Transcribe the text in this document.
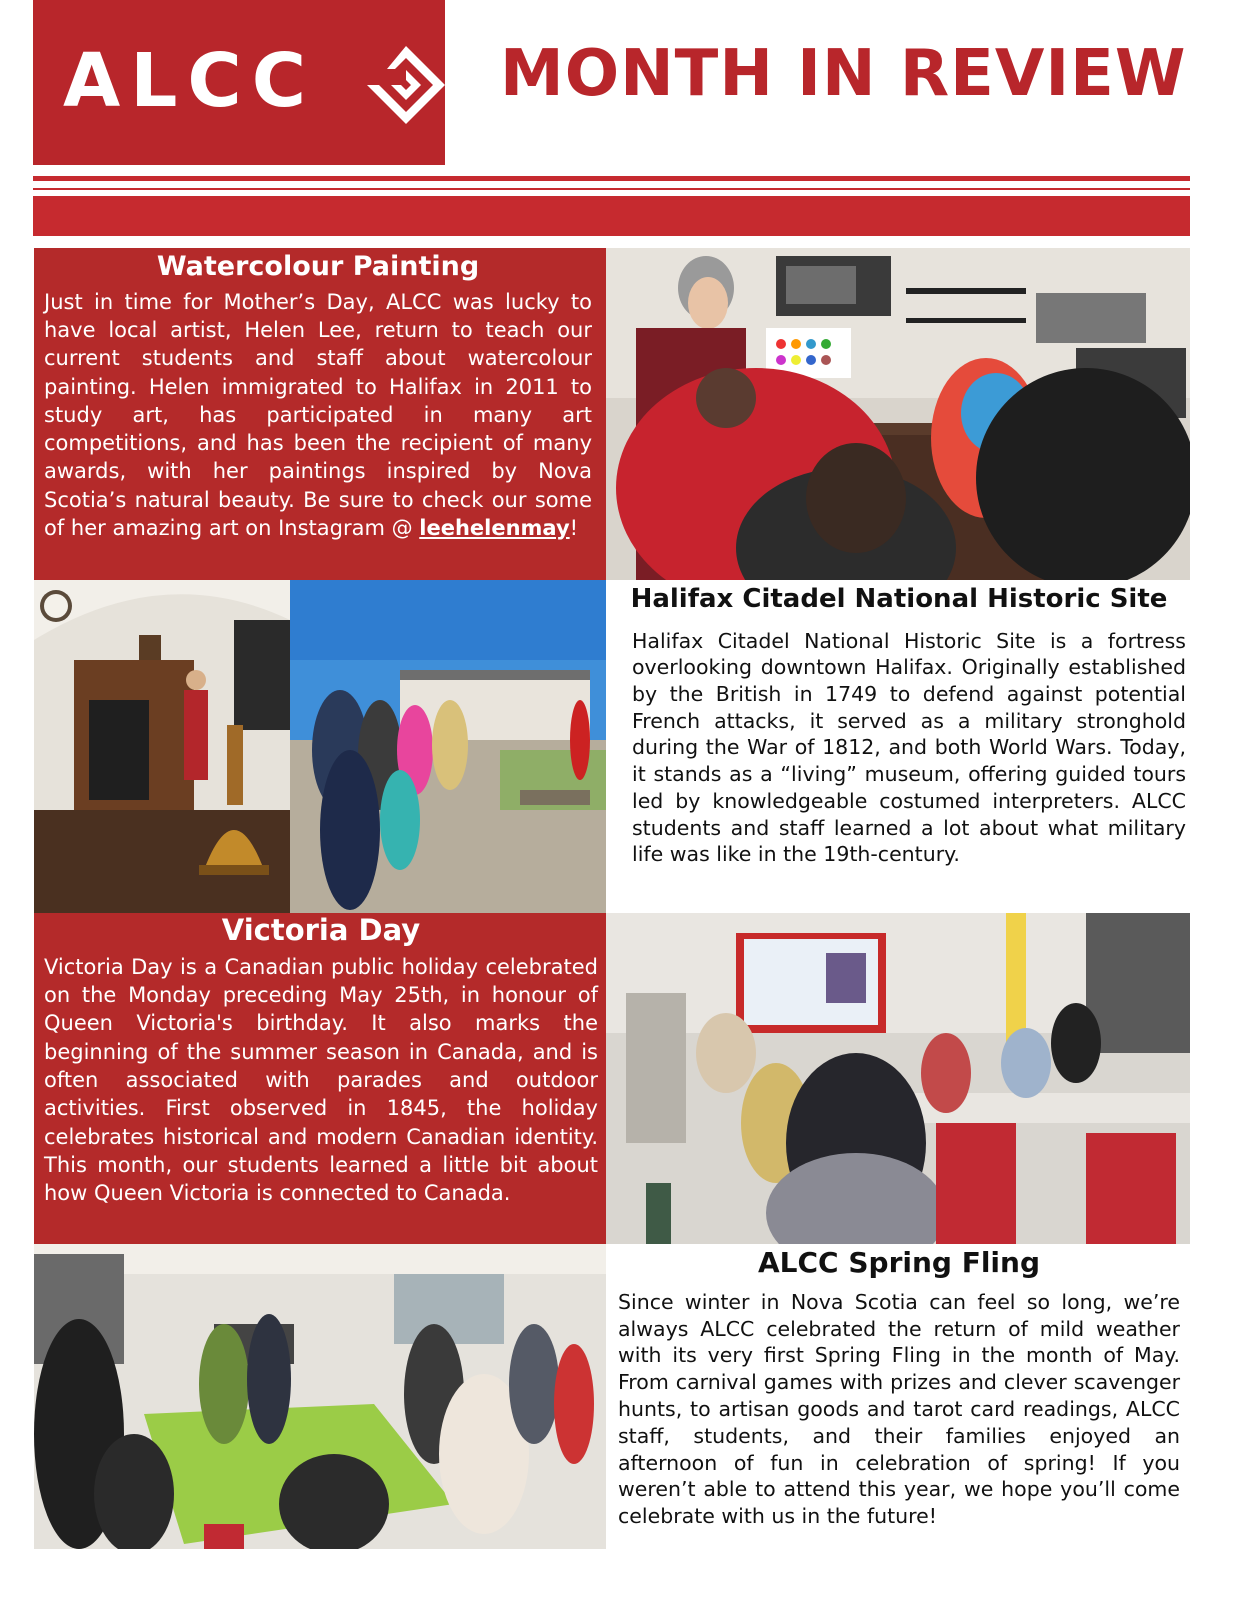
ALCC	MONTH IN REVIEW
Watercolour Painting
Just in time for Mother’s Day, ALCC was lucky to have local artist, Helen Lee, return to teach our current students and staff about watercolour painting. Helen immigrated to Halifax in 2011 to study art, has participated in many art competitions, and has been the recipient of many awards, with her paintings inspired by Nova Scotia’s natural beauty. Be sure to check our some of her amazing art on Instagram @ leehelenmay!
Halifax Citadel National Historic Site
Halifax Citadel National Historic Site is a fortress overlooking downtown Halifax. Originally established by the British in 1749 to defend against potential French attacks, it served as a military stronghold during the War of 1812, and both World Wars. Today, it stands as a “living” museum, offering guided tours led by knowledgeable costumed interpreters. ALCC students and staff learned a lot about what military life was like in the 19th-century.
Victoria Day
Victoria Day is a Canadian public holiday celebrated on the Monday preceding May 25th, in honour of Queen Victoria's birthday. It also marks the beginning of the summer season in Canada, and is often associated with parades and outdoor activities. First observed in 1845, the holiday celebrates historical and modern Canadian identity. This month, our students learned a little bit about how Queen Victoria is connected to Canada.
ALCC Spring Fling
Since winter in Nova Scotia can feel so long, we’re always ALCC celebrated the return of mild weather with its very first Spring Fling in the month of May. From carnival games with prizes and clever scavenger hunts, to artisan goods and tarot card readings, ALCC staff, students, and their families enjoyed an afternoon of fun in celebration of spring! If you weren’t able to attend this year, we hope you’ll come celebrate with us in the future!
